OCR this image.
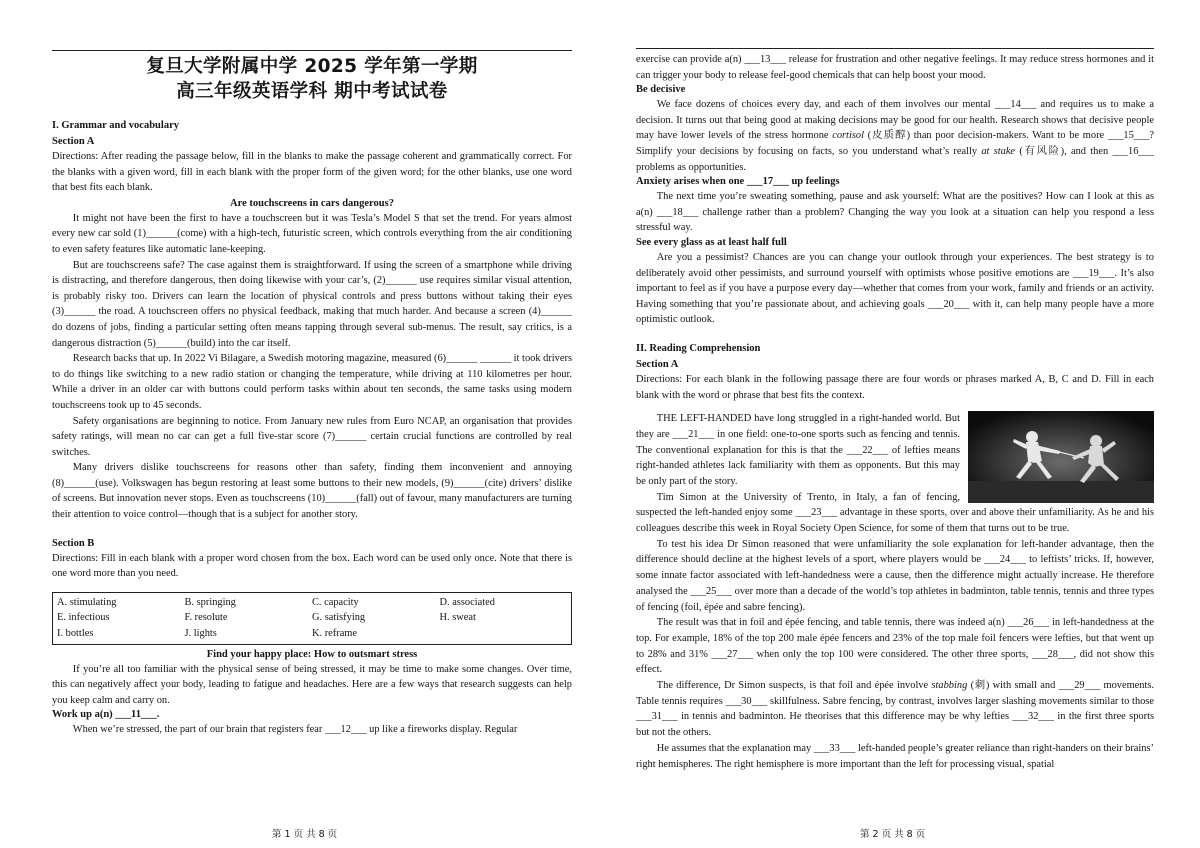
复旦大学附属中学 2025 学年第一学期

高三年级英语学科 期中考试试卷

I. Grammar and vocabulary

Section A

Directions: After reading the passage below, fill in the blanks to make the passage coherent and grammatically correct. For the blanks with a given word, fill in each blank with the proper form of the given word; for the other blanks, use one word that best fits each blank.

Are touchscreens in cars dangerous?

It might not have been the first to have a touchscreen but it was Tesla’s Model S that set the trend. For years almost every new car sold (1)______(come) with a high-tech, futuristic screen, which controls everything from the air conditioning to even safety features like automatic lane-keeping.

But are touchscreens safe? The case against them is straightforward. If using the screen of a smartphone while driving is distracting, and therefore dangerous, then doing likewise with your car’s, (2)______ use requires similar visual attention, is probably risky too. Drivers can learn the location of physical controls and press buttons without taking their eyes (3)______ the road. A touchscreen offers no physical feedback, making that much harder. And because a screen (4)______ do dozens of jobs, finding a particular setting often means tapping through several sub-menus. The result, say critics, is a dangerous distraction (5)______(build) into the car itself.

Research backs that up. In 2022 Vi Bilagare, a Swedish motoring magazine, measured (6)______ ______ it took drivers to do things like switching to a new radio station or changing the temperature, while driving at 110 kilometres per hour. While a driver in an older car with buttons could perform tasks within about ten seconds, the same tasks using modern touchscreens took up to 45 seconds.

Safety organisations are beginning to notice. From January new rules from Euro NCAP, an organisation that provides safety ratings, will mean no car can get a full five-star score (7)______ certain crucial functions are controlled by real switches.

Many drivers dislike touchscreens for reasons other than safety, finding them inconvenient and annoying (8)______(use). Volkswagen has begun restoring at least some buttons to their new models, (9)______(cite) drivers’ dislike of screens. But innovation never stops. Even as touchscreens (10)______(fall) out of favour, many manufacturers are turning their attention to voice control—though that is a subject for another story.

Section B

Directions: Fill in each blank with a proper word chosen from the box. Each word can be used only once. Note that there is one word more than you need.

A. stimulating	B. springing	C. capacity	D. associated
E. infectious	F. resolute	G. satisfying	H. sweat
I. bottles	J. lights	K. reframe

Find your happy place: How to outsmart stress

If you’re all too familiar with the physical sense of being stressed, it may be time to make some changes. Over time, this can negatively affect your body, leading to fatigue and headaches. Here are a few ways that research suggests can help you keep calm and carry on.

Work up a(n) ___11___.

When we’re stressed, the part of our brain that registers fear ___12___ up like a fireworks display. Regular

第 1 页 共 8 页

exercise can provide a(n) ___13___ release for frustration and other negative feelings. It may reduce stress hormones and it can trigger your body to release feel-good chemicals that can help boost your mood.

Be decisive

We face dozens of choices every day, and each of them involves our mental ___14___ and requires us to make a decision. It turns out that being good at making decisions may be good for our health. Research shows that decisive people may have lower levels of the stress hormone cortisol (皮质醇) than poor decision-makers. Want to be more ___15___? Simplify your decisions by focusing on facts, so you understand what’s really at stake (有风险), and then ___16___ problems as opportunities.

Anxiety arises when one ___17___ up feelings

The next time you’re sweating something, pause and ask yourself: What are the positives? How can I look at this as a(n) ___18___ challenge rather than a problem? Changing the way you look at a situation can help you respond a less stressful way.

See every glass as at least half full

Are you a pessimist? Chances are you can change your outlook through your experiences. The best strategy is to deliberately avoid other pessimists, and surround yourself with optimists whose positive emotions are ___19___. It’s also important to feel as if you have a purpose every day—whether that comes from your work, family and friends or an activity. Having something that you’re passionate about, and achieving goals ___20___ with it, can help many people have a more optimistic outlook.

II. Reading Comprehension

Section A

Directions: For each blank in the following passage there are four words or phrases marked A, B, C and D. Fill in each blank with the word or phrase that best fits the context.

THE LEFT-HANDED have long struggled in a right-handed world. But they are ___21___ in one field: one-to-one sports such as fencing and tennis. The conventional explanation for this is that the ___22___ of lefties means right-handed athletes lack familiarity with them as opponents. But this may be only part of the story.

Tim Simon at the University of Trento, in Italy, a fan of fencing, suspected the left-handed enjoy some ___23___ advantage in these sports, over and above their unfamiliarity. As he and his colleagues describe this week in Royal Society Open Science, for some of them that turns out to be true.

To test his idea Dr Simon reasoned that were unfamiliarity the sole explanation for left-hander advantage, then the difference should decline at the highest levels of a sport, where players would be ___24___ to leftists’ tricks. If, however, some innate factor associated with left-handedness were a cause, then the difference might actually increase. He therefore analysed the ___25___ over more than a decade of the world’s top athletes in badminton, table tennis, tennis and three types of fencing (foil, épée and sabre fencing).

The result was that in foil and épée fencing, and table tennis, there was indeed a(n) ___26___ in left-handedness at the top. For example, 18% of the top 200 male épée fencers and 23% of the top male foil fencers were lefties, but that went up to 28% and 31% ___27___ when only the top 100 were considered. The other three sports, ___28___, did not show this effect.

The difference, Dr Simon suspects, is that foil and épée involve stabbing (刺) with small and ___29___ movements. Table tennis requires ___30___ skillfulness. Sabre fencing, by contrast, involves larger slashing movements similar to those ___31___ in tennis and badminton. He theorises that this difference may be why lefties ___32___ in the first three sports but not the others.

He assumes that the explanation may ___33___ left-handed people’s greater reliance than right-handers on their brains’ right hemispheres. The right hemisphere is more important than the left for processing visual, spatial

第 2 页 共 8 页
